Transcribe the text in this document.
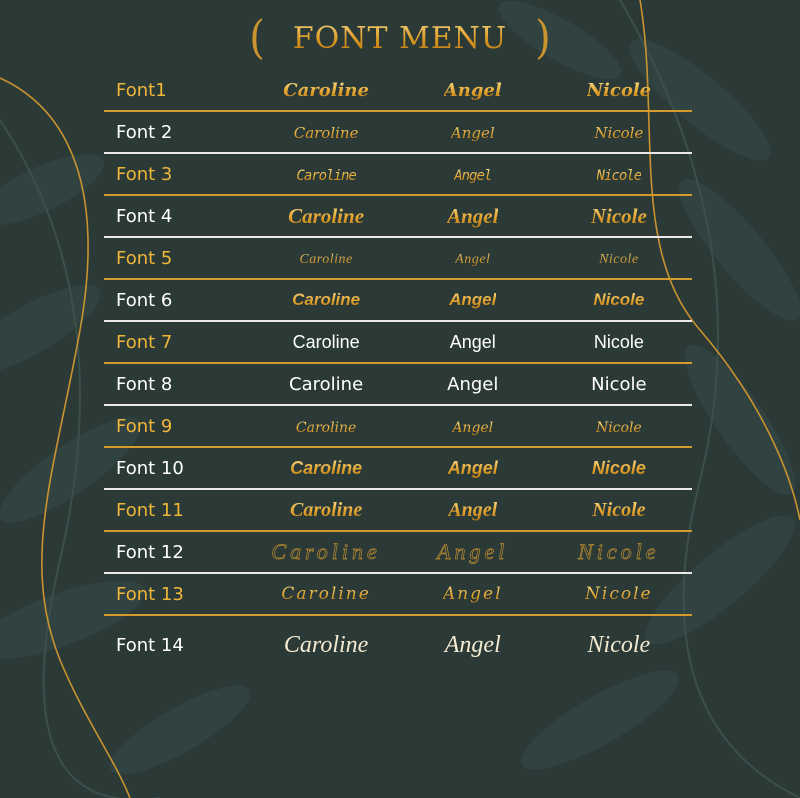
( FONT MENU )
Font1	Caroline	Angel	Nicole

Font 2	Caroline	Angel	Nicole

Font 3	Caroline	Angel	Nicole

Font 4	Caroline	Angel	Nicole

Font 5	Caroline	Angel	Nicole

Font 6	Caroline	Angel	Nicole

Font 7	Caroline	Angel	Nicole

Font 8	Caroline	Angel	Nicole

Font 9	Caroline	Angel	Nicole

Font 10	Caroline	Angel	Nicole

Font 11	Caroline	Angel	Nicole

Font 12	Caroline	Angel	Nicole

Font 13	Caroline	Angel	Nicole

Font 14	Caroline	Angel	Nicole
